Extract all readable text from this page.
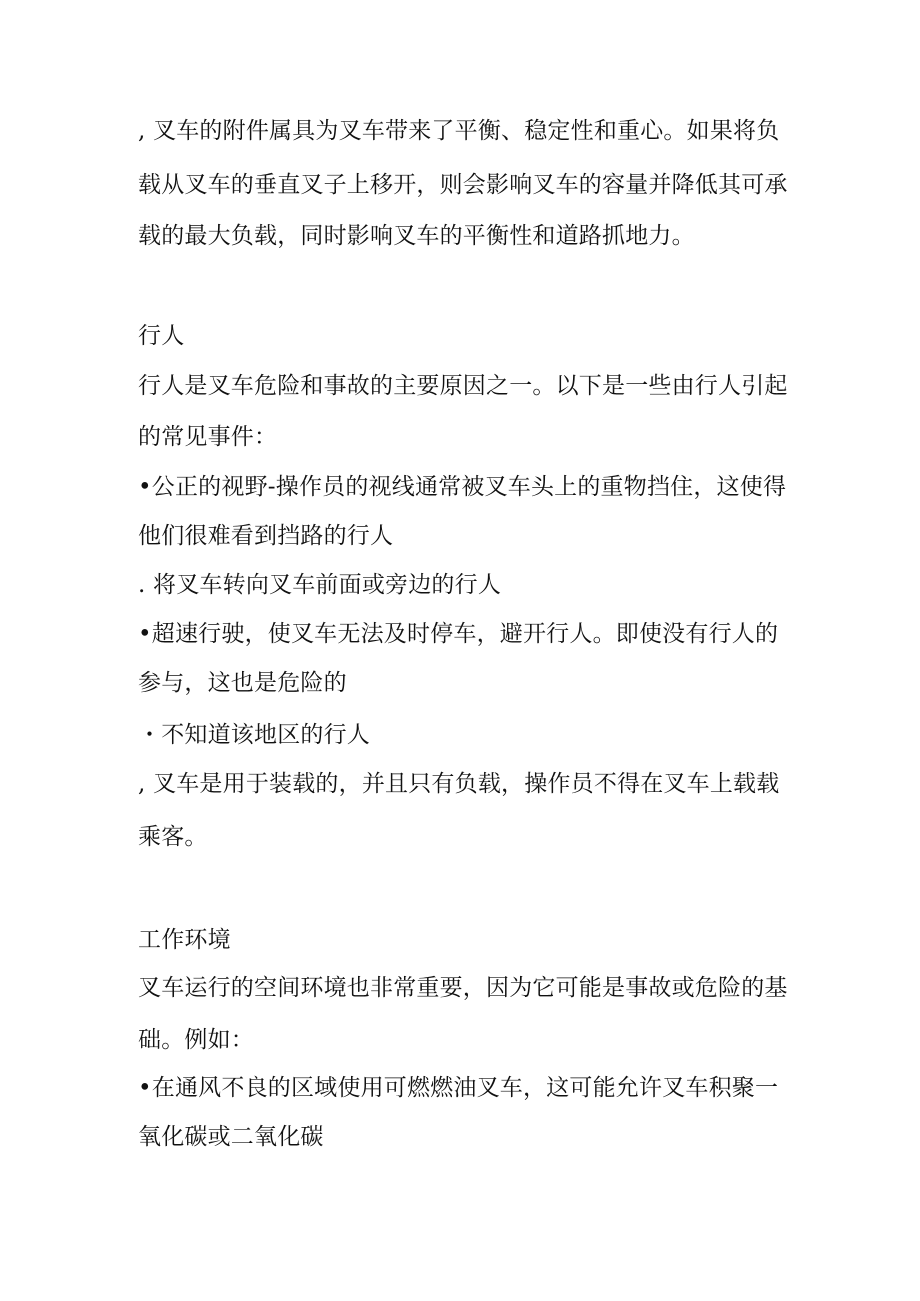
, 叉车的附件属具为叉车带来了平衡、稳定性和重心。如果将负
载从叉车的垂直叉子上移开，则会影响叉车的容量并降低其可承
载的最大负载，同时影响叉车的平衡性和道路抓地力。
行人
行人是叉车危险和事故的主要原因之一。以下是一些由行人引起
的常见事件：
•公正的视野-操作员的视线通常被叉车头上的重物挡住，这使得
他们很难看到挡路的行人
. 将叉车转向叉车前面或旁边的行人
•超速行驶，使叉车无法及时停车，避开行人。即使没有行人的
参与，这也是危险的
・不知道该地区的行人
, 叉车是用于装载的，并且只有负载，操作员不得在叉车上载载
乘客。
工作环境
叉车运行的空间环境也非常重要，因为它可能是事故或危险的基
础。例如：
•在通风不良的区域使用可燃燃油叉车，这可能允许叉车积聚一
氧化碳或二氧化碳
